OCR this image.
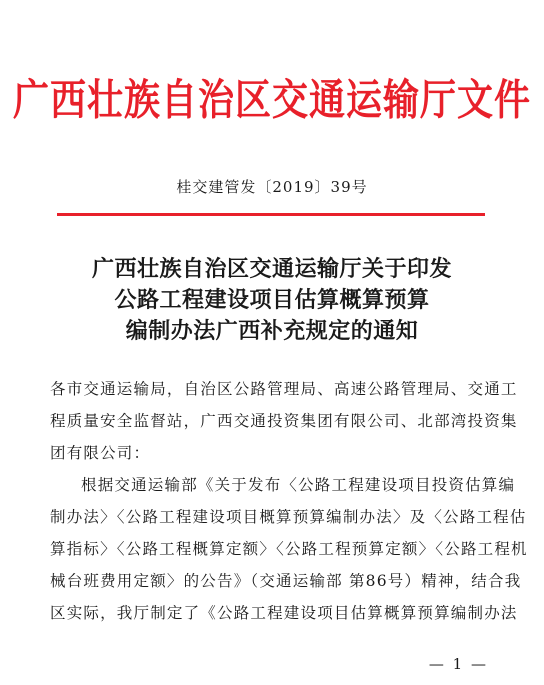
广西壮族自治区交通运输厅文件
桂交建管发〔2019〕39号
广西壮族自治区交通运输厅关于印发
公路工程建设项目估算概算预算
编制办法广西补充规定的通知
各市交通运输局，自治区公路管理局、高速公路管理局、交通工
程质量安全监督站，广西交通投资集团有限公司、北部湾投资集
团有限公司：
根据交通运输部《关于发布〈公路工程建设项目投资估算编
制办法〉〈公路工程建设项目概算预算编制办法〉及〈公路工程估
算指标〉〈公路工程概算定额〉〈公路工程预算定额〉〈公路工程机
械台班费用定额〉的公告》（交通运输部 第86号）精神，结合我
区实际，我厅制定了《公路工程建设项目估算概算预算编制办法
— 1 —
